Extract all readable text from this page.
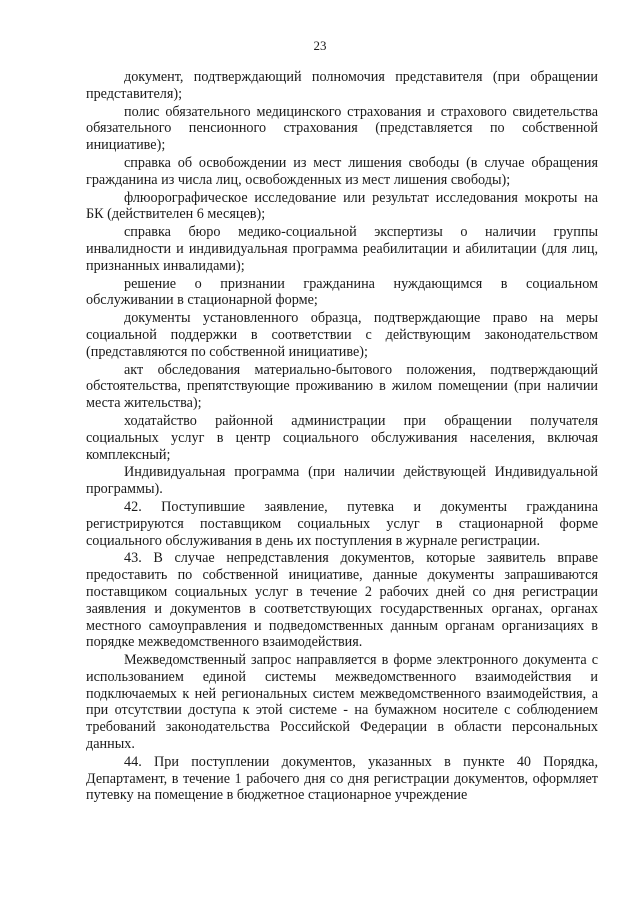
23

документ, подтверждающий полномочия представителя (при обращении представителя);

полис обязательного медицинского страхования и страхового свидетельства обязательного пенсионного страхования (представляется по собственной инициативе);

справка об освобождении из мест лишения свободы (в случае обращения гражданина из числа лиц, освобожденных из мест лишения свободы);

флюорографическое исследование или результат исследования мокроты на БК (действителен 6 месяцев);

справка бюро медико-социальной экспертизы о наличии группы инвалидности и индивидуальная программа реабилитации и абилитации (для лиц, признанных инвалидами);

решение о признании гражданина нуждающимся в социальном обслуживании в стационарной форме;

документы установленного образца, подтверждающие право на меры социальной поддержки в соответствии с действующим законодательством (представляются по собственной инициативе);

акт обследования материально-бытового положения, подтверждающий обстоятельства, препятствующие проживанию в жилом помещении (при наличии места жительства);

ходатайство районной администрации при обращении получателя социальных услуг в центр социального обслуживания населения, включая комплексный;

Индивидуальная программа (при наличии действующей Индивидуальной программы).

42. Поступившие заявление, путевка и документы гражданина регистрируются поставщиком социальных услуг в стационарной форме социального обслуживания в день их поступления в журнале регистрации.

43. В случае непредставления документов, которые заявитель вправе предоставить по собственной инициативе, данные документы запрашиваются поставщиком социальных услуг в течение 2 рабочих дней со дня регистрации заявления и документов в соответствующих государственных органах, органах местного самоуправления и подведомственных данным органам организациях в порядке межведомственного взаимодействия.

Межведомственный запрос направляется в форме электронного документа с использованием единой системы межведомственного взаимодействия и подключаемых к ней региональных систем межведомственного взаимодействия, а при отсутствии доступа к этой системе - на бумажном носителе с соблюдением требований законодательства Российской Федерации в области персональных данных.

44. При поступлении документов, указанных в пункте 40 Порядка, Департамент, в течение 1 рабочего дня со дня регистрации документов, оформляет путевку на помещение в бюджетное стационарное учреждение
